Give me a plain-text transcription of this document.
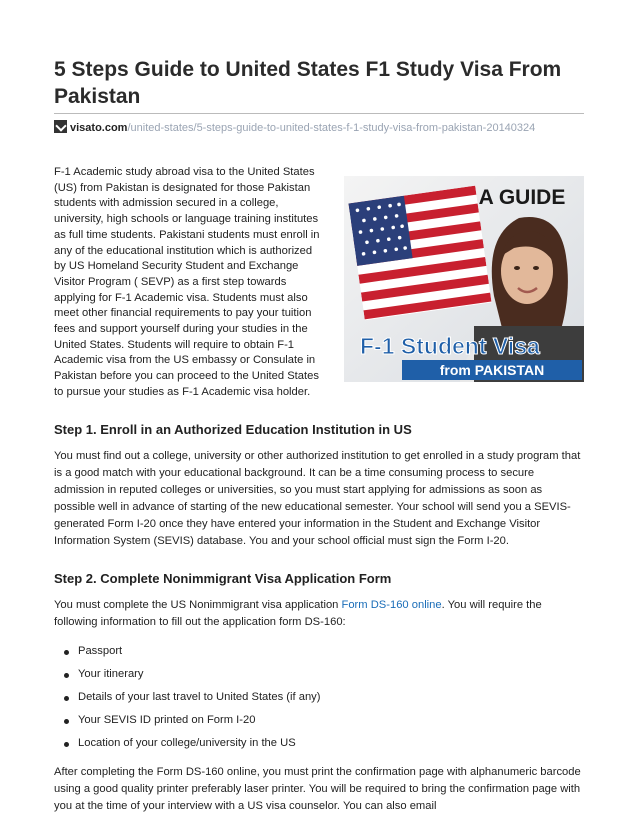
5 Steps Guide to United States F1 Study Visa From Pakistan
visato.com/united-states/5-steps-guide-to-united-states-f-1-study-visa-from-pakistan-20140324

F-1 Academic study abroad visa to the United States (US) from Pakistan is designated for those Pakistan students with admission secured in a college, university, high schools or language training institutes as full time students. Pakistani students must enroll in any of the educational institution which is authorized by US Homeland Security Student and Exchange Visitor Program ( SEVP) as a first step towards applying for F-1 Academic visa. Students must also meet other financial requirements to pay your tuition fees and support yourself during your studies in the United States. Students will require to obtain F-1 Academic visa from the US embassy or Consulate in Pakistan before you can proceed to the United States to pursue your studies as F-1 Academic visa holder.

A GUIDE
F-1 Student Visa
from PAKISTAN
Step 1. Enroll in an Authorized Education Institution in US

You must find out a college, university or other authorized institution to get enrolled in a study program that is a good match with your educational background. It can be a time consuming process to secure admission in reputed colleges or universities, so you must start applying for admissions as soon as possible well in advance of starting of the new educational semester. Your school will send you a SEVIS-generated Form I-20 once they have entered your information in the Student and Exchange Visitor Information System (SEVIS) database. You and your school official must sign the Form I-20.

Step 2. Complete Nonimmigrant Visa Application Form

You must complete the US Nonimmigrant visa application Form DS-160 online. You will require the following information to fill out the application form DS-160:

Passport
Your itinerary
Details of your last travel to United States (if any)
Your SEVIS ID printed on Form I-20
Location of your college/university in the US

After completing the Form DS-160 online, you must print the confirmation page with alphanumeric barcode using a good quality printer preferably laser printer. You will be required to bring the confirmation page with you at the time of your interview with a US visa counselor. You can also email
